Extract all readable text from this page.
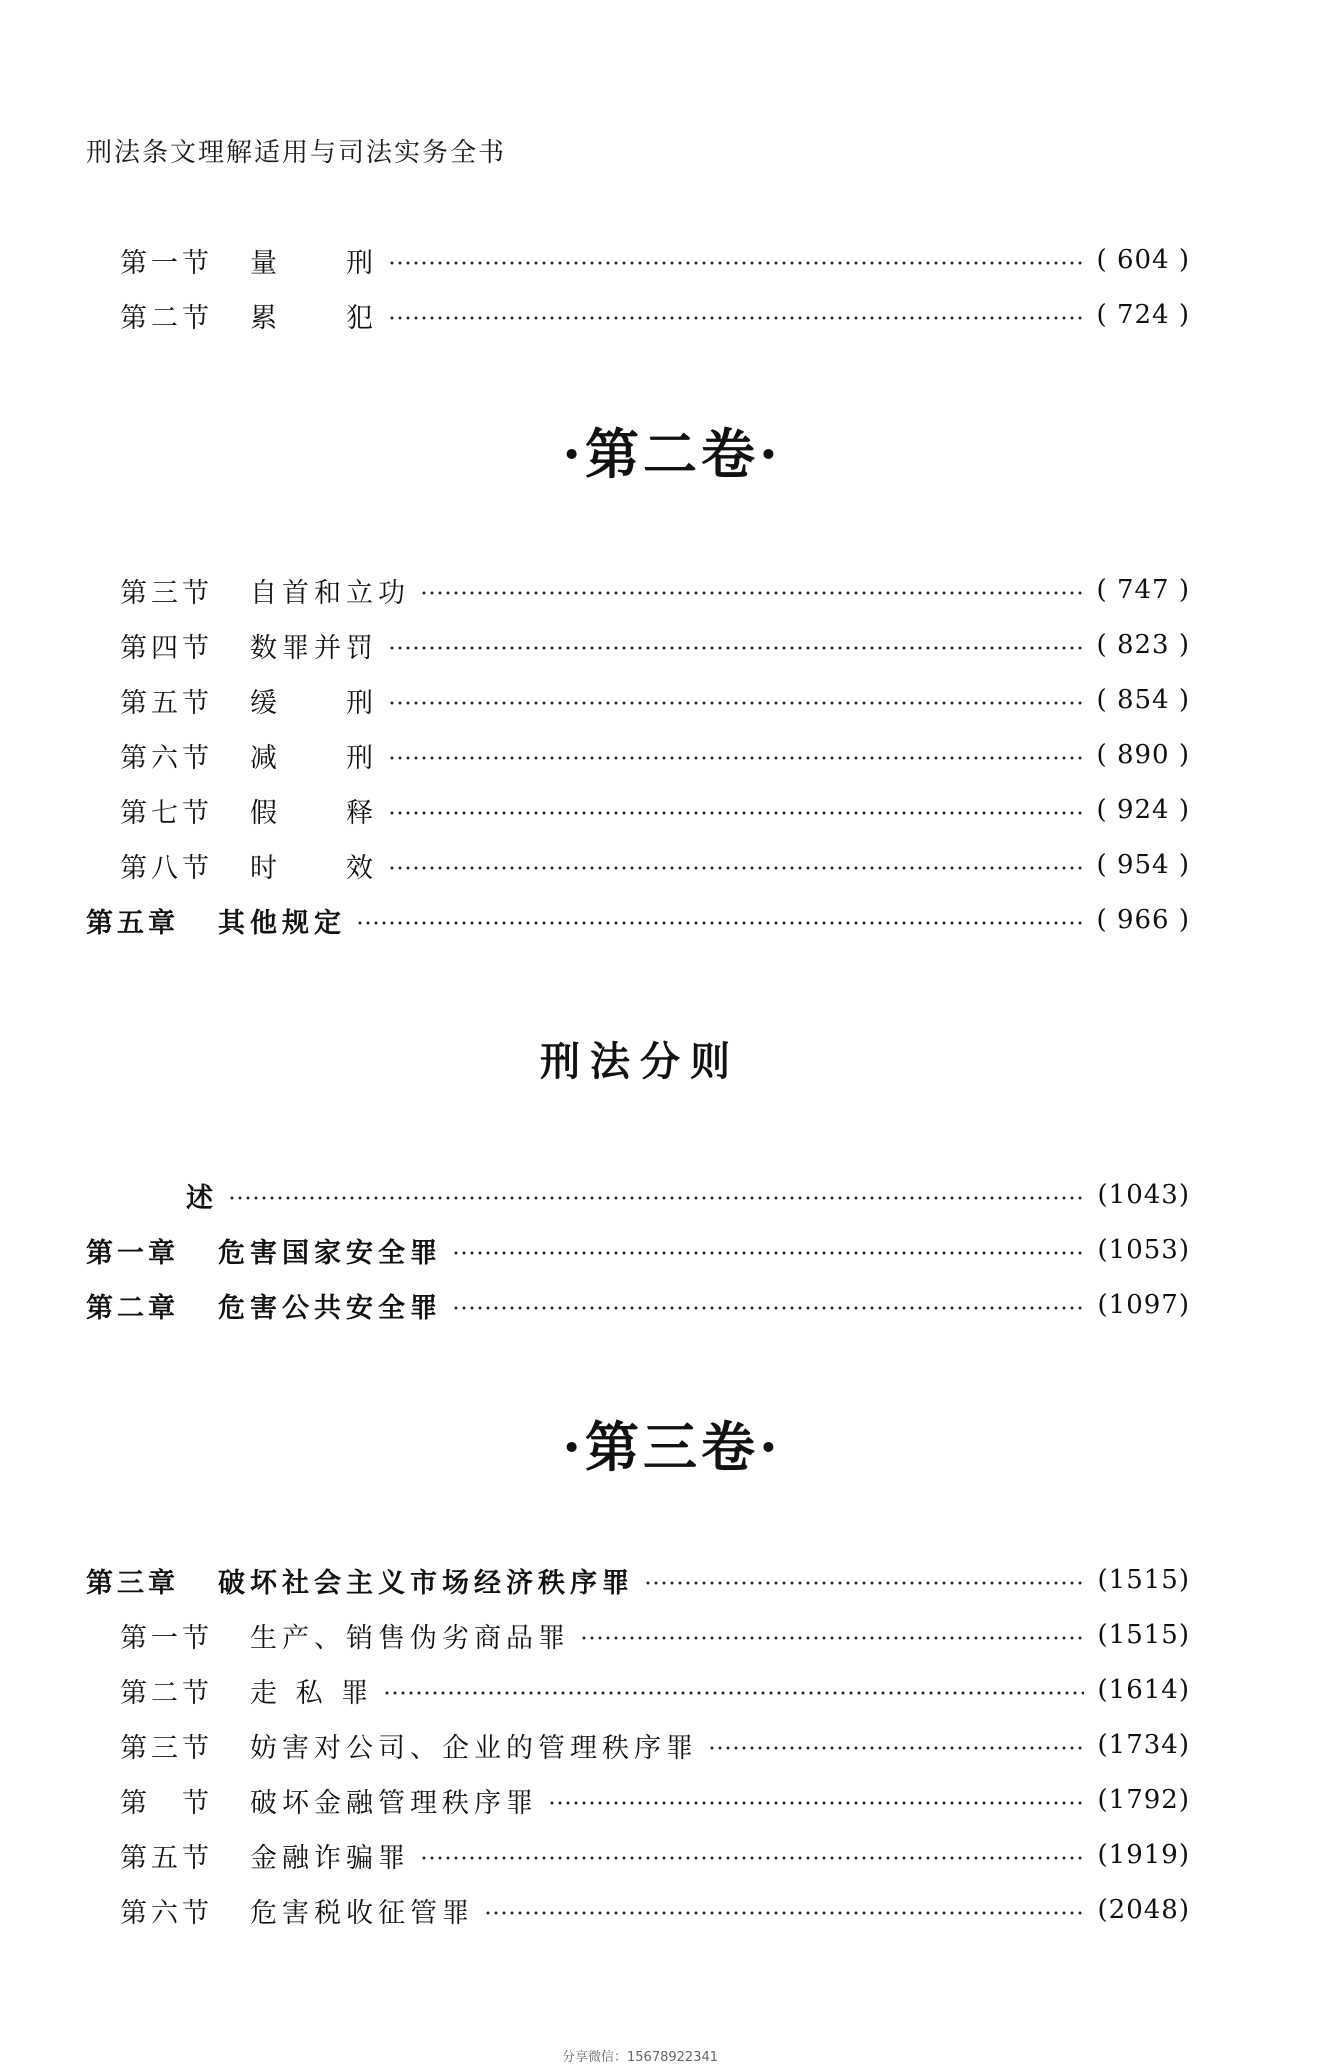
刑法条文理解适用与司法实务全书
第一节	量　　刑	( 604 )
第二节	累　　犯	( 724 )
·第二卷·
第三节	自首和立功	( 747 )
第四节	数罪并罚	( 823 )
第五节	缓　　刑	( 854 )
第六节	减　　刑	( 890 )
第七节	假　　释	( 924 )
第八节	时　　效	( 954 )
第五章	其他规定	( 966 )
刑法分则
述	(1043)
第一章	危害国家安全罪	(1053)
第二章	危害公共安全罪	(1097)
·第三卷·
第三章	破坏社会主义市场经济秩序罪	(1515)
第一节	生产、销售伪劣商品罪	(1515)
第二节	走 私 罪	(1614)
第三节	妨害对公司、企业的管理秩序罪	(1734)
第　节	破坏金融管理秩序罪	(1792)
第五节	金融诈骗罪	(1919)
第六节	危害税收征管罪	(2048)
分享微信：15678922341
